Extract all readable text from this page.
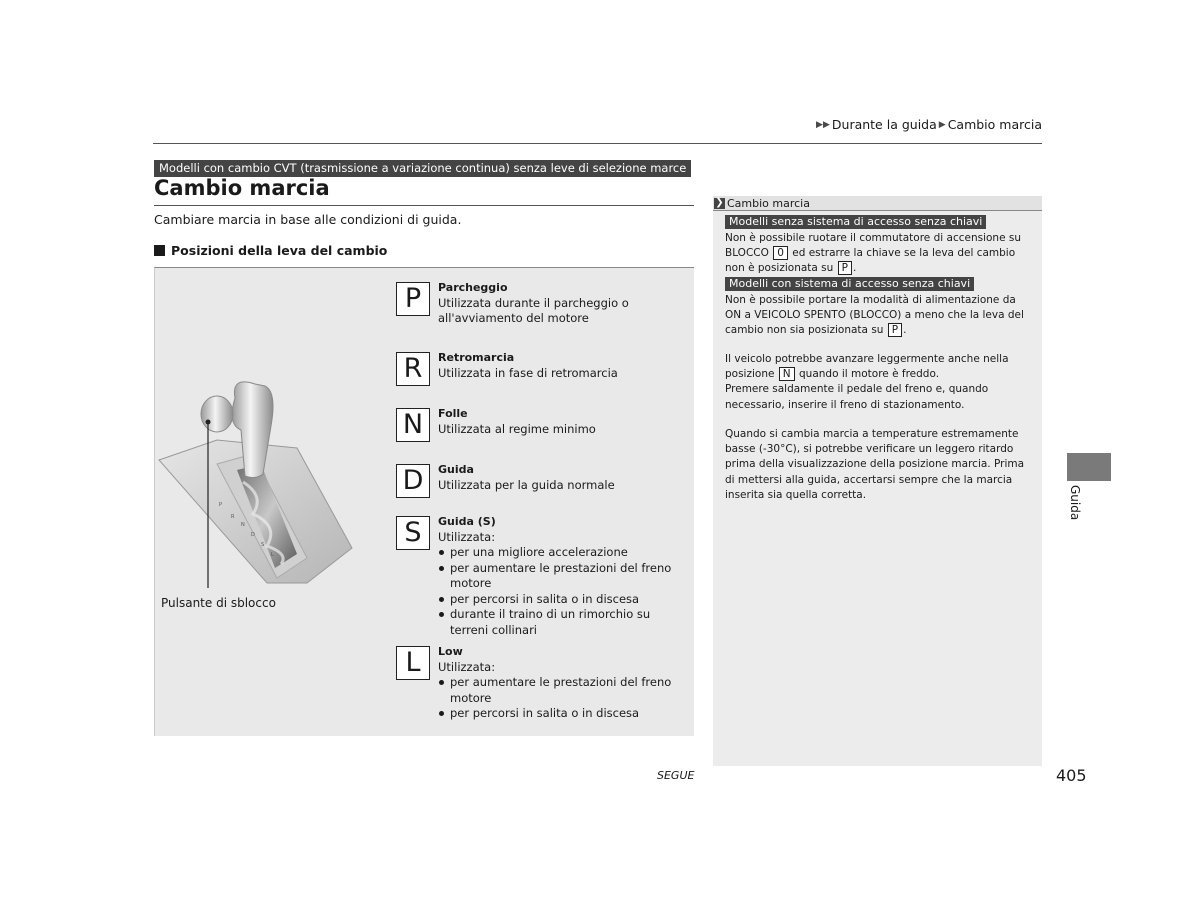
▶▶ Durante la guida ▶ Cambio marcia
Modelli con cambio CVT (trasmissione a variazione continua) senza leve di selezione marce
Cambio marcia

Cambiare marcia in base alle condizioni di guida.

Posizioni della leva del cambio
P
R
N
D
S
L
Pulsante di sblocco
P	Parcheggio
Utilizzata durante il parcheggio o all'avviamento del motore
R	Retromarcia
Utilizzata in fase di retromarcia
N	Folle
Utilizzata al regime minimo
D	Guida
Utilizzata per la guida normale
S	Guida (S)
Utilizzata:
per una migliore accelerazione
per aumentare le prestazioni del freno motore
per percorsi in salita o in discesa
durante il traino di un rimorchio su terreni collinari
L	Low
Utilizzata:
per aumentare le prestazioni del freno motore
per percorsi in salita o in discesa
❯ Cambio marcia
Modelli senza sistema di accesso senza chiavi
Non è possibile ruotare il commutatore di accensione su BLOCCO 0 ed estrarre la chiave se la leva del cambio non è posizionata su P .
Modelli con sistema di accesso senza chiavi
Non è possibile portare la modalità di alimentazione da ON a VEICOLO SPENTO (BLOCCO) a meno che la leva del cambio non sia posizionata su P .
Il veicolo potrebbe avanzare leggermente anche nella posizione N quando il motore è freddo.
Premere saldamente il pedale del freno e, quando necessario, inserire il freno di stazionamento.
Quando si cambia marcia a temperature estremamente basse (-30°C), si potrebbe verificare un leggero ritardo prima della visualizzazione della posizione marcia. Prima di mettersi alla guida, accertarsi sempre che la marcia inserita sia quella corretta.	Guida
SEGUE	405
